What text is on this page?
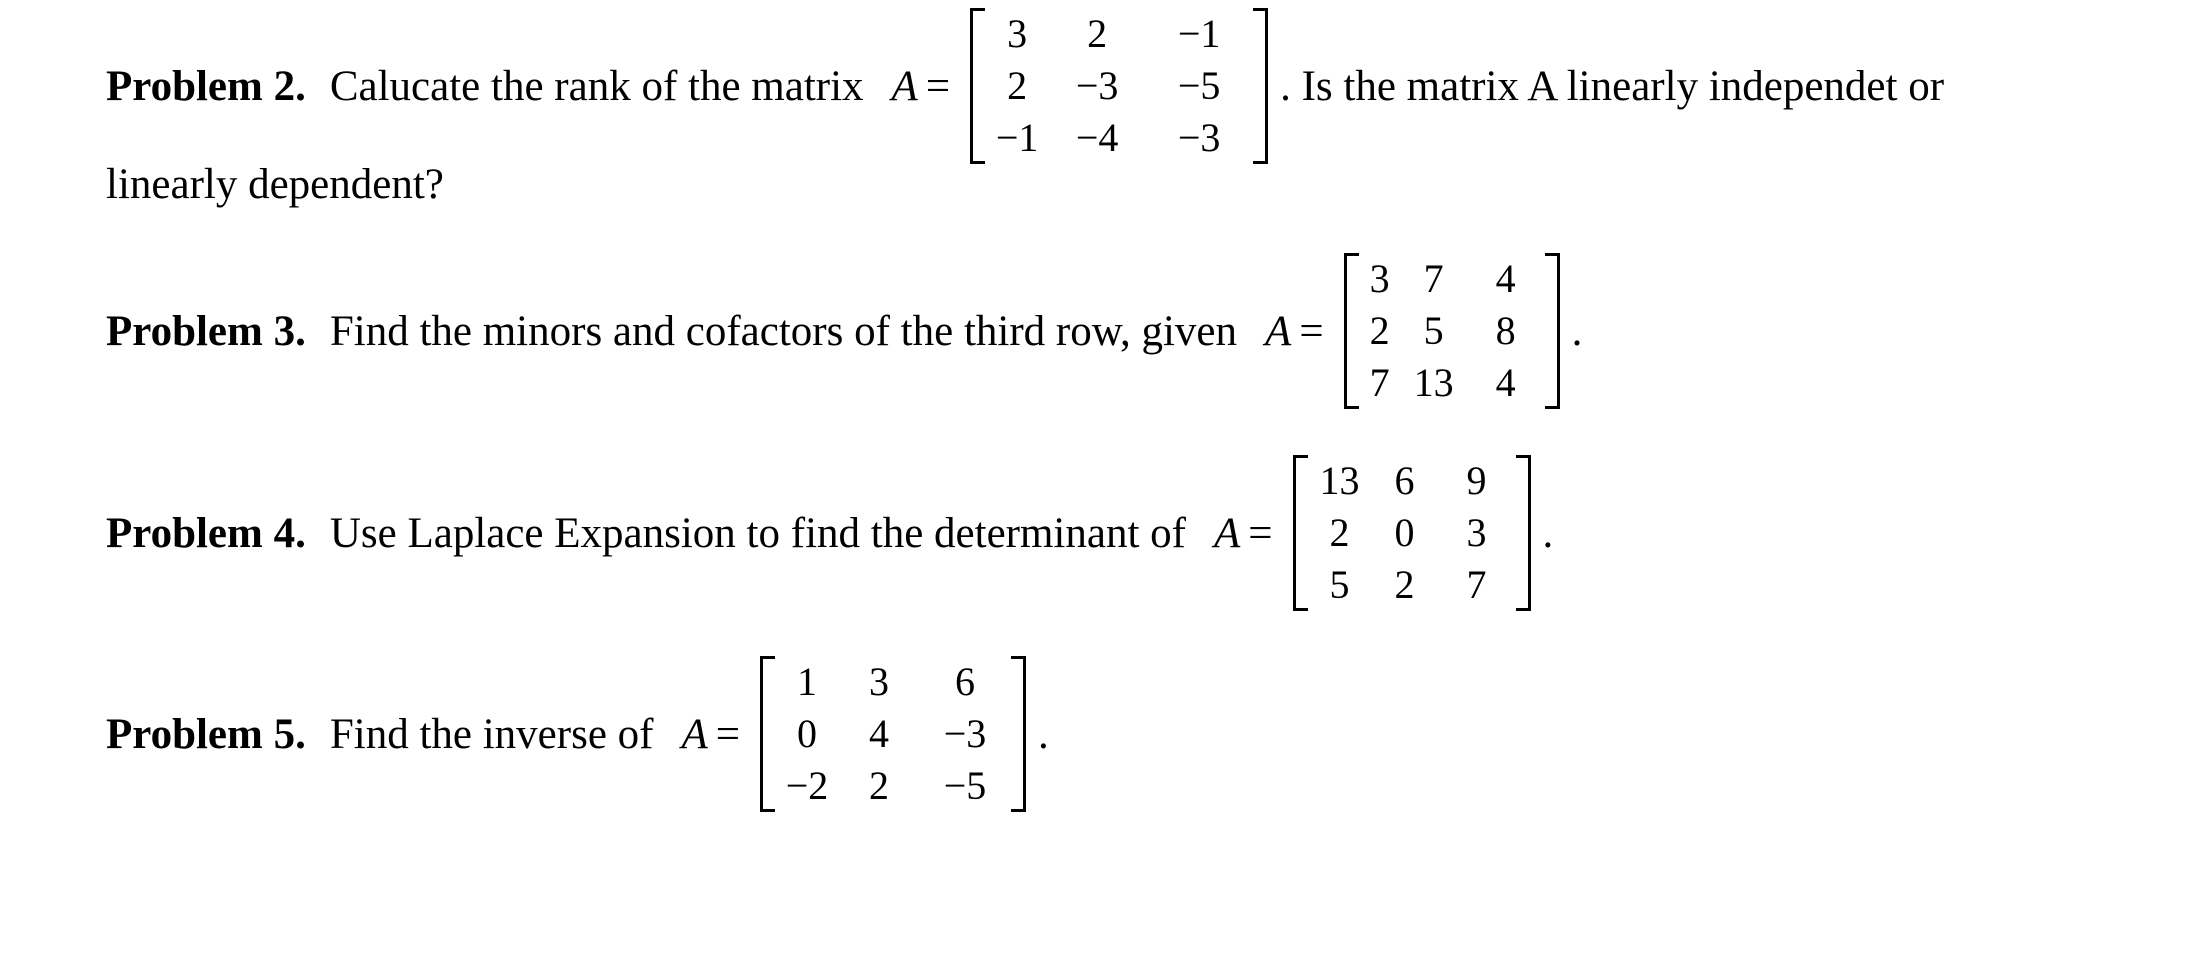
Problem 2. Calucate the rank of the matrix A =
3 2 −1
2 −3 −5
−1 −4 −3
. Is the matrix A linearly independet or
linearly dependent?
Problem 3. Find the minors and cofactors of the third row, given A =
3 7 4
2 5 8
7 13 4
.
Problem 4. Use Laplace Expansion to find the determinant of A =
13 6 9
2 0 3
5 2 7
.
Problem 5. Find the inverse of A =
1 3 6
0 4 −3
−2 2 −5
.
